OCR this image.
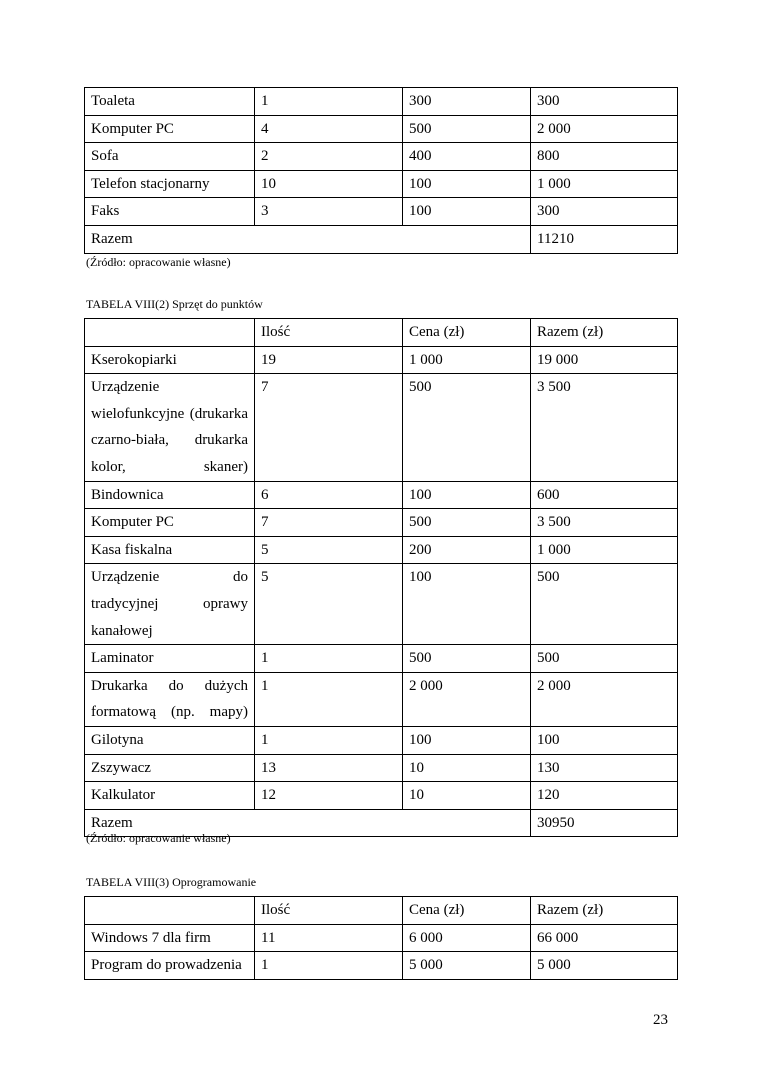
Toaleta	1	300	300
Komputer PC	4	500	2 000
Sofa	2	400	800
Telefon stacjonarny	10	100	1 000
Faks	3	100	300
Razem			11210
(Źródło: opracowanie własne)
TABELA VIII(2) Sprzęt do punktów
	Ilość	Cena (zł)	Razem (zł)
Kserokopiarki	19	1 000	19 000
Urządzenie wielofunkcyjne (drukarka czarno-biała, drukarka kolor, skaner)	7	500	3 500
Bindownica	6	100	600
Komputer PC	7	500	3 500
Kasa fiskalna	5	200	1 000
Urządzenie do tradycyjnej oprawy kanałowej	5	100	500
Laminator	1	500	500
Drukarka do dużych formatową (np. mapy)	1	2 000	2 000
Gilotyna	1	100	100
Zszywacz	13	10	130
Kalkulator	12	10	120
Razem			30950
(Źródło: opracowanie własne)
TABELA VIII(3) Oprogramowanie
	Ilość	Cena (zł)	Razem (zł)
Windows 7 dla firm	11	6 000	66 000
Program do prowadzenia	1	5 000	5 000
23
